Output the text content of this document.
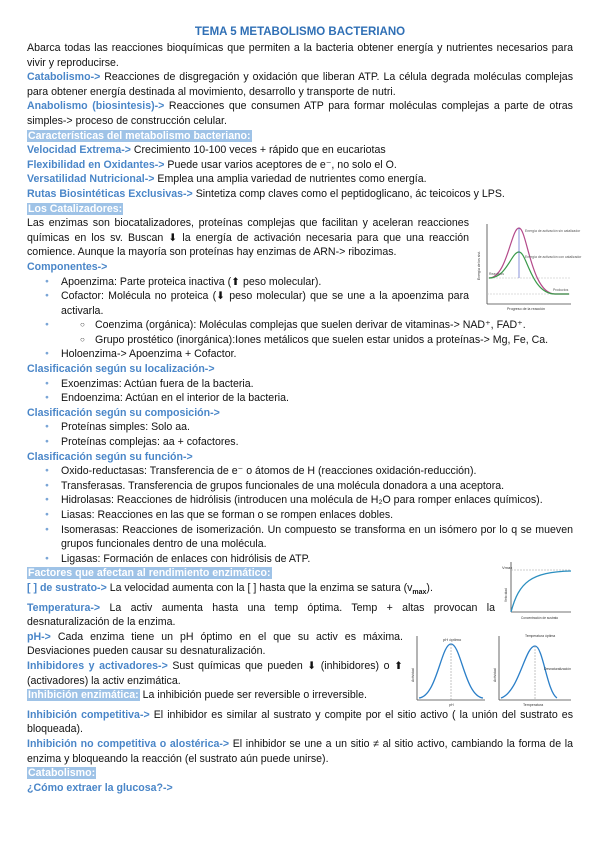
TEMA 5 METABOLISMO BACTERIANO

Abarca todas las reacciones bioquímicas que permiten a la bacteria obtener energía y nutrientes necesarios para vivir y reproducirse.

Catabolismo-> Reacciones de disgregación y oxidación que liberan ATP. La célula degrada moléculas complejas para obtener energía destinada al movimiento, desarrollo y transporte de nutri.

Anabolismo (biosintesis)-> Reacciones que consumen ATP para formar moléculas complejas a parte de otras simples-> proceso de construcción celular.

Características del metabolismo bacteriano:

Velocidad Extrema-> Crecimiento 10-100 veces + rápido que en eucariotas

Flexibilidad en Oxidantes-> Puede usar varios aceptores de e⁻, no solo el O.

Versatilidad Nutricional-> Emplea una amplia variedad de nutrientes como energía.

Rutas Biosintéticas Exclusivas-> Sintetiza comp claves como el peptidoglicano, ác teicoicos y LPS.

Los Catalizadores:

Las enzimas son biocatalizadores, proteínas complejas que facilitan y aceleran reacciones químicas en los sv. Buscan ⬇ la energía de activación necesaria para que una reacción comience. Aunque la mayoría son proteínas hay enzimas de ARN-> ribozimas.

Componentes->

● Apoenzima: Parte proteica inactiva (⬆ peso molecular).
● Cofactor: Molécula no proteica (⬇ peso molecular) que se une a la apoenzima para activarla.
Energía de los sist.
Progreso de la reacción
Energía de activación sin catalizador
Energía de activación con catalizador
Reactivos
Productos
○ ● Coenzima (orgánica): Moléculas complejas que suelen derivar de vitaminas-> NAD⁺, FAD⁺.
○ Grupo prostético (inorgánica):Iones metálicos que suelen estar unidos a proteínas-> Mg, Fe, Ca.
● Holoenzima-> Apoenzima + Cofactor.

Clasificación según su localización->

● Exoenzimas: Actúan fuera de la bacteria.
● Endoenzima: Actúan en el interior de la bacteria.

Clasificación según su composición->

● Proteínas simples: Solo aa.
● Proteínas complejas: aa + cofactores.

Clasificación según su función->

● Oxido-reductasas: Transferencia de e⁻ o átomos de H (reacciones oxidación-reducción).
● Transferasas. Transferencia de grupos funcionales de una molécula donadora a una aceptora.
● Hidrolasas: Reacciones de hidrólisis (introducen una molécula de H₂O para romper enlaces químicos).
● Liasas: Reacciones en las que se forman o se rompen enlaces dobles.
● Isomerasas: Reacciones de isomerización. Un compuesto se transforma en un isómero por lo q se mueven grupos funcionales dentro de una molécula.
● Ligasas: Formación de enlaces con hidrólisis de ATP.

Factores que afectan al rendimiento enzimático:

[ ] de sustrato-> La velocidad aumenta con la [ ] hasta que la enzima se satura $(v_{max})$.

Temperatura-> La activ aumenta hasta una temp óptima. Temp + altas provocan la desnaturalización de la enzima.

Vmax
Velocidad
Concentración de sustrato

pH-> Cada enzima tiene un pH óptimo en el que su activ es máxima. Desviaciones pueden causar su desnaturalización.

Inhibidores y activadores-> Sust químicas que pueden ⬇ (inhibidores) o ⬆ (activadores) la activ enzimática.

Inhibición enzimática: La inhibición puede ser reversible o irreversible.

pH óptimo
Actividad
pH
Temperatura óptima
Desnaturalización
Actividad
Temperatura

Inhibición competitiva-> El inhibidor es similar al sustrato y compite por el sitio activo ( la unión del sustrato es bloqueada).

Inhibición no competitiva o alostérica-> El inhibidor se une a un sitio ≠ al sitio activo, cambiando la forma de la enzima y bloqueando la reacción (el sustrato aún puede unirse).

Catabolismo:

¿Cómo extraer la glucosa?->
